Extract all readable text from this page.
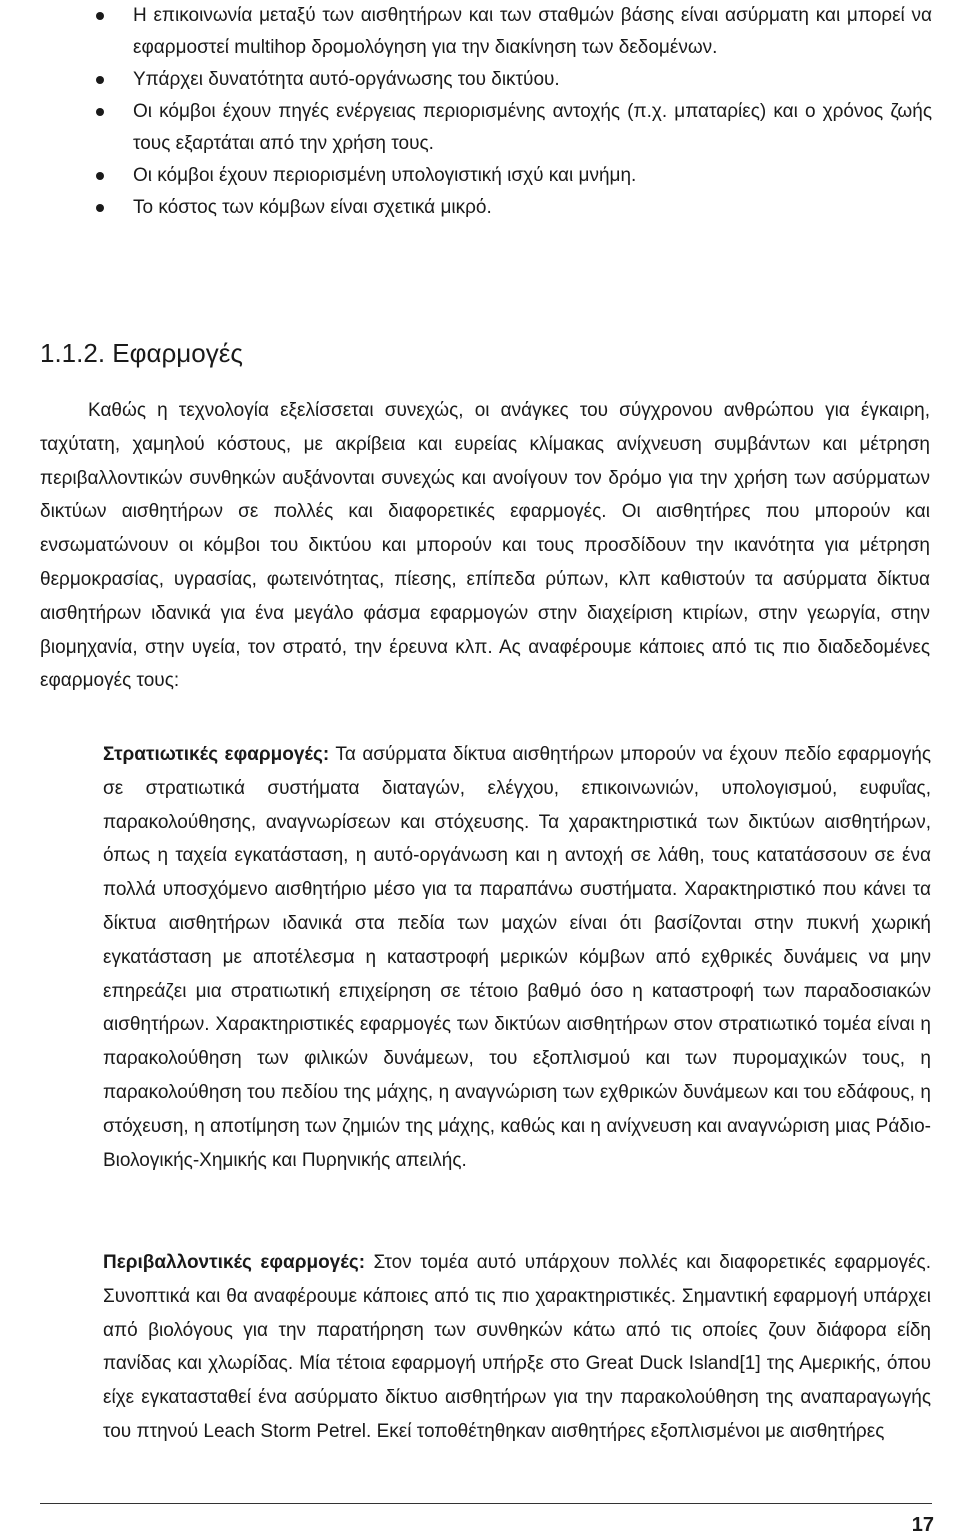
Η επικοινωνία μεταξύ των αισθητήρων και των σταθμών βάσης είναι ασύρματη και μπορεί να εφαρμοστεί multihop δρομολόγηση για την διακίνηση των δεδομένων.
Υπάρχει δυνατότητα αυτό-οργάνωσης του δικτύου.
Οι κόμβοι έχουν πηγές ενέργειας περιορισμένης αντοχής (π.χ. μπαταρίες) και ο χρόνος ζωής τους εξαρτάται από την χρήση τους.
Οι κόμβοι έχουν περιορισμένη υπολογιστική ισχύ και μνήμη.
Το κόστος των κόμβων είναι σχετικά μικρό.
1.1.2. Εφαρμογές

Καθώς η τεχνολογία εξελίσσεται συνεχώς, οι ανάγκες του σύγχρονου ανθρώπου για έγκαιρη, ταχύτατη, χαμηλού κόστους, με ακρίβεια και ευρείας κλίμακας ανίχνευση συμβάντων και μέτρηση περιβαλλοντικών συνθηκών αυξάνονται συνεχώς και ανοίγουν τον δρόμο για την χρήση των ασύρματων δικτύων αισθητήρων σε πολλές και διαφορετικές εφαρμογές. Οι αισθητήρες που μπορούν και ενσωματώνουν οι κόμβοι του δικτύου και μπορούν και τους προσδίδουν την ικανότητα για μέτρηση θερμοκρασίας, υγρασίας, φωτεινότητας, πίεσης, επίπεδα ρύπων, κλπ καθιστούν τα ασύρματα δίκτυα αισθητήρων ιδανικά για ένα μεγάλο φάσμα εφαρμογών στην διαχείριση κτιρίων, στην γεωργία, στην βιομηχανία, στην υγεία, τον στρατό, την έρευνα κλπ. Ας αναφέρουμε κάποιες από τις πιο διαδεδομένες εφαρμογές τους:

Στρατιωτικές εφαρμογές: Τα ασύρματα δίκτυα αισθητήρων μπορούν να έχουν πεδίο εφαρμογής σε στρατιωτικά συστήματα διαταγών, ελέγχου, επικοινωνιών, υπολογισμού, ευφυΐας, παρακολούθησης, αναγνωρίσεων και στόχευσης. Τα χαρακτηριστικά των δικτύων αισθητήρων, όπως η ταχεία εγκατάσταση, η αυτό-οργάνωση και η αντοχή σε λάθη, τους κατατάσσουν σε ένα πολλά υποσχόμενο αισθητήριο μέσο για τα παραπάνω συστήματα. Χαρακτηριστικό που κάνει τα δίκτυα αισθητήρων ιδανικά στα πεδία των μαχών είναι ότι βασίζονται στην πυκνή χωρική εγκατάσταση με αποτέλεσμα η καταστροφή μερικών κόμβων από εχθρικές δυνάμεις να μην επηρεάζει μια στρατιωτική επιχείρηση σε τέτοιο βαθμό όσο η καταστροφή των παραδοσιακών αισθητήρων. Χαρακτηριστικές εφαρμογές των δικτύων αισθητήρων στον στρατιωτικό τομέα είναι η παρακολούθηση των φιλικών δυνάμεων, του εξοπλισμού και των πυρομαχικών τους, η παρακολούθηση του πεδίου της μάχης, η αναγνώριση των εχθρικών δυνάμεων και του εδάφους, η στόχευση, η αποτίμηση των ζημιών της μάχης, καθώς και η ανίχνευση και αναγνώριση μιας Ράδιο-Βιολογικής-Χημικής και Πυρηνικής απειλής.

Περιβαλλοντικές εφαρμογές: Στον τομέα αυτό υπάρχουν πολλές και διαφορετικές εφαρμογές. Συνοπτικά και θα αναφέρουμε κάποιες από τις πιο χαρακτηριστικές. Σημαντική εφαρμογή υπάρχει από βιολόγους για την παρατήρηση των συνθηκών κάτω από τις οποίες ζουν διάφορα είδη πανίδας και χλωρίδας. Μία τέτοια εφαρμογή υπήρξε στο Great Duck Island[1] της Αμερικής, όπου είχε εγκατασταθεί ένα ασύρματο δίκτυο αισθητήρων για την παρακολούθηση της αναπαραγωγής του πτηνού Leach Storm Petrel. Εκεί τοποθέτηθηκαν αισθητήρες εξοπλισμένοι με αισθητήρες

17
